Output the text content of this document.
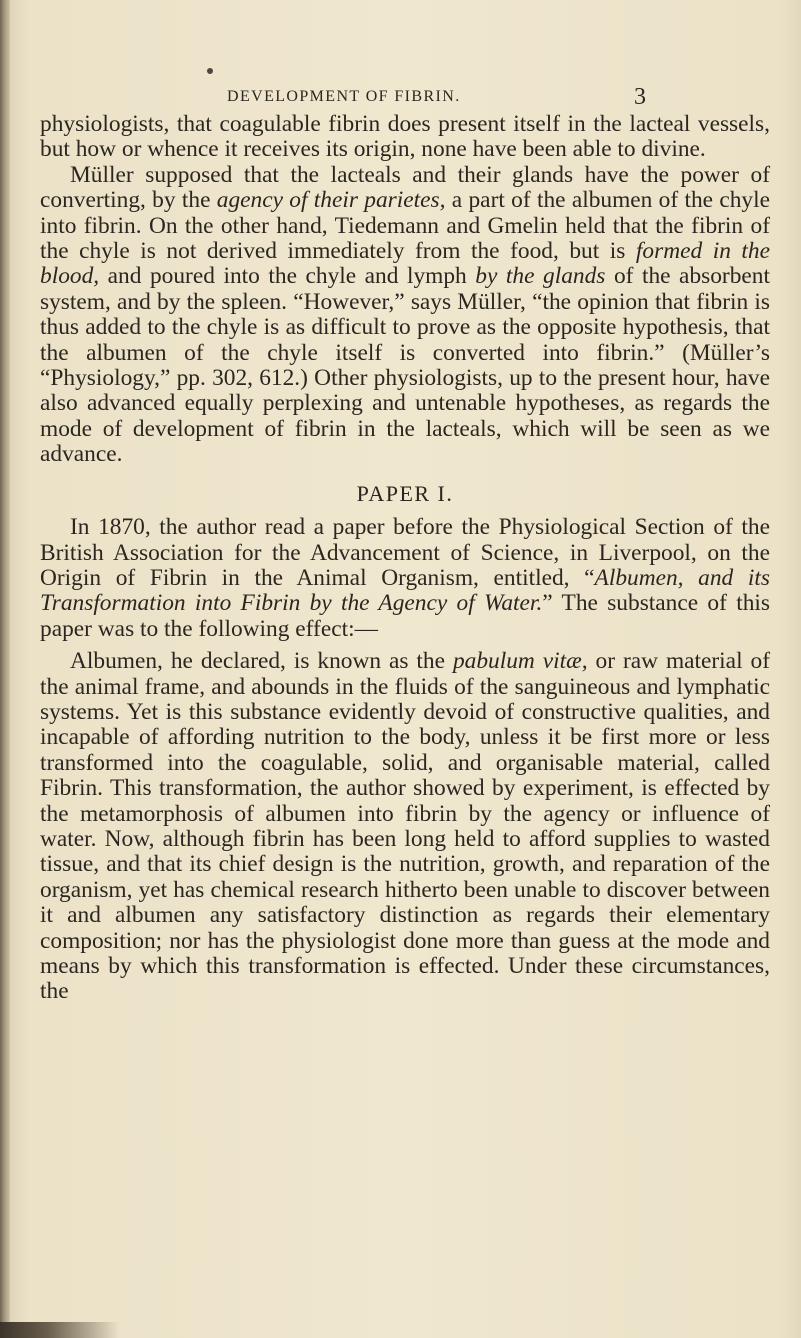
DEVELOPMENT OF FIBRIN.	3

physiologists, that coagulable fibrin does present itself in the lacteal vessels, but how or whence it receives its origin, none have been able to divine.

Müller supposed that the lacteals and their glands have the power of converting, by the agency of their parietes, a part of the albumen of the chyle into fibrin. On the other hand, Tiedemann and Gmelin held that the fibrin of the chyle is not derived immediately from the food, but is formed in the blood, and poured into the chyle and lymph by the glands of the absorbent system, and by the spleen. “However,” says Müller, “the opinion that fibrin is thus added to the chyle is as difficult to prove as the opposite hypothesis, that the albumen of the chyle itself is converted into fibrin.” (Müller’s “Physiology,” pp. 302, 612.) Other physiologists, up to the present hour, have also advanced equally perplexing and untenable hypotheses, as regards the mode of development of fibrin in the lacteals, which will be seen as we advance.

PAPER I.

In 1870, the author read a paper before the Physiological Section of the British Association for the Advancement of Science, in Liverpool, on the Origin of Fibrin in the Animal Organism, entitled, “Albumen, and its Transformation into Fibrin by the Agency of Water.” The substance of this paper was to the following effect:—

Albumen, he declared, is known as the pabulum vitæ, or raw material of the animal frame, and abounds in the fluids of the sanguineous and lymphatic systems. Yet is this substance evidently devoid of constructive qualities, and incapable of affording nutrition to the body, unless it be first more or less transformed into the coagulable, solid, and organisable material, called Fibrin. This transformation, the author showed by experiment, is effected by the metamorphosis of albumen into fibrin by the agency or influence of water. Now, although fibrin has been long held to afford supplies to wasted tissue, and that its chief design is the nutrition, growth, and reparation of the organism, yet has chemical research hitherto been unable to discover between it and albumen any satisfactory distinction as regards their elementary composition; nor has the physiologist done more than guess at the mode and means by which this transformation is effected. Under these circumstances, the
